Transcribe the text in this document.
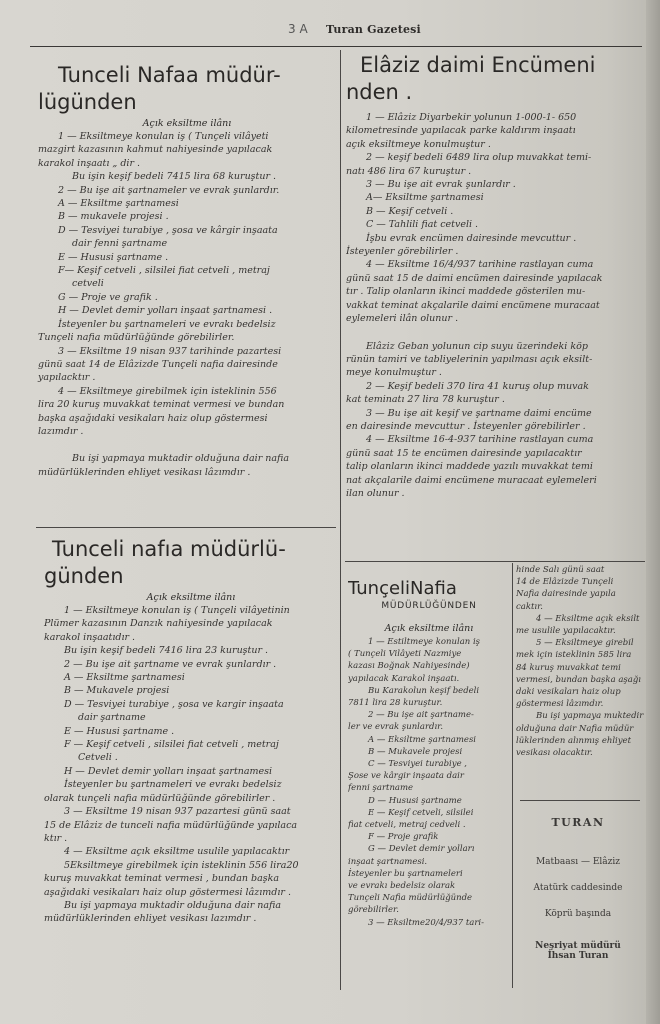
3 A Turan Gazetesi
Tunceli Nafaa müdür-
lügünden
Açık eksiltme ilânı

1 — Eksiltmeye konulan iş ( Tunçeli vilâyeti

mazgirt kazasının kahmut nahiyesinde yapılacak

karakol inşaatı „ dir .

Bu işin keşif bedeli 7415 lira 68 kuruştur .

2 — Bu işe ait şartnameler ve evrak şunlardır.

A — Eksiltme şartnamesi

B — mukavele projesi .

D — Tesviyei turabiye , şosa ve kârgir inşaata

dair fenni şartname

E — Hususi şartname .

F— Keşif cetveli , silsilei fiat cetveli , metraj

cetveli

G — Proje ve grafik .

H — Devlet demir yolları inşaat şartnamesi .

İsteyenler bu şartnameleri ve evrakı bedelsiz

Tunçeli nafia müdürlüğünde görebilirler.

3 — Eksiltme 19 nisan 937 tarihinde pazartesi

günü saat 14 de Elâzizde Tunçeli nafia dairesinde

yapılacktır .

4 — Eksiltmeye girebilmek için isteklinin 556

lira 20 kuruş muvakkat teminat vermesi ve bundan

başka aşağıdaki vesikaları haiz olup göstermesi

lazımdır .

Bu işi yapmaya muktadir olduğuna dair nafia

müdürlüklerinden ehliyet vesikası lâzımdır .

Tunceli nafıa müdürlü-
günden
Açık eksiltme ilânı

1 — Eksiltmeye konulan iş ( Tunçeli vilâyetinin

Plümer kazasının Danzık nahiyesinde yapılacak

karakol inşaatıdır .

Bu işin keşif bedeli 7416 lira 23 kuruştur .

2 — Bu işe ait şartname ve evrak şunlardır .

A — Eksiltme şartnamesi

B — Mukavele projesi

D — Tesviyei turabiye , şosa ve kargir inşaata

dair şartname

E — Hususi şartname .

F — Keşif cetveli , silsilei fiat cetveli , metraj

Cetveli .

H — Devlet demir yolları inşaat şartnamesi

İsteyenler bu şartnameleri ve evrakı bedelsiz

olarak tunçeli nafia müdürlüğünde görebilirler .

3 — Eksiltme 19 nisan 937 pazartesi günü saat

15 de Elâziz de tunceli nafia müdürlüğünde yapılaca

ktır .

4 — Eksiltme açık eksiltme usulile yapılacaktır

5Eksiltmeye girebilmek için isteklinin 556 lira20

kuruş muvakkat teminat vermesi , bundan başka

aşağıdaki vesikaları haiz olup göstermesi lâzımdır .

Bu işi yapmaya muktadir olduğuna dair nafia

müdürlüklerinden ehliyet vesikası lazımdır .

Elâziz daimi Encümeni
nden .

1 — Elâziz Diyarbekir yolunun 1-000-1- 650

kilometresinde yapılacak parke kaldırım inşaatı

açık eksiltmeye konulmuştur .

2 — keşif bedeli 6489 lira olup muvakkat temi-

natı 486 lira 67 kuruştur .

3 — Bu işe ait evrak şunlardır .

A— Eksiltme şartnamesi

B — Keşif cetveli .

C — Tahlili fiat cetveli .

İşbu evrak encümen dairesinde mevcuttur .

İsteyenler görebilirler .

4 — Eksiltme 16/4/937 tarihine rastlayan cuma

günü saat 15 de daimi encümen dairesinde yapılacak

tır . Talip olanların ikinci maddede gösterilen mu-

vakkat teminat akçalarile daimi encümene muracaat

eylemeleri ilân olunur .

Elâziz Geban yolunun cip suyu üzerindeki köp

rünün tamiri ve tabliyelerinin yapılması açık eksilt-

meye konulmuştur .

2 — Keşif bedeli 370 lira 41 kuruş olup muvak

kat teminatı 27 lira 78 kuruştur .

3 — Bu işe ait keşif ve şartname daimi encüme

en dairesinde mevcuttur . İsteyenler görebilirler .

4 — Eksiltme 16-4-937 tarihine rastlayan cuma

günü saat 15 te encümen dairesinde yapılacaktır

talip olanların ikinci maddede yazılı muvakkat temi

nat akçalarile daimi encümene muracaat eylemeleri

ilan olunur .

TunçeliNafia
MÜDÜRLÜĞÜNDEN
Açık eksiltme ilânı

1 — Estiltmeye konulan iş

( Tunçeli Vilâyeti Nazmiye

kazası Boğnak Nahiyesinde)

yapılacak Karakol inşaatı.

Bu Karakolun keşif bedeli

7811 lira 28 kuruştur.

2 — Bu işe ait şartname-

ler ve evrak şunlardır.

A — Eksiltme şartnamesi

B — Mukavele projesi

C — Tesviyei turabiye ,

Şose ve kârgir inşaata dair

fenni şartname

D — Hususi şartname

E — Keşif cetveli, silsilei

fiat cetveli, metraj cedveli .

F — Proje grafik

G — Devlet demir yolları

inşaat şartnamesi.

İsteyenler bu şartnameleri

ve evrakı bedelsiz olarak

Tunçeli Nafia müdürlüğünde

görebilirler.

3 — Eksiltme20/4/937 tari-

hinde Salı günü saat

14 de Elâzizde Tunçeli

Nafia dairesinde yapıla

caktır.

4 — Eksiltme açık eksilt

me usulile yapılacaktır.

5 — Eksiltmeye girebil

mek için isteklinin 585 lira

84 kuruş muvakkat temi

vermesi, bundan başka aşağı

daki vesikaları haiz olup

göstermesi lâzımdır.

Bu işi yapmaya muktedir

olduğuna dair Nafia müdür

lüklerinden alınmış ehliyet

vesikası olacaktır.

TURAN
Matbaası — Elâziz
Atatürk caddesinde
Köprü başında
Neşriyat müdürü
İhsan Turan
